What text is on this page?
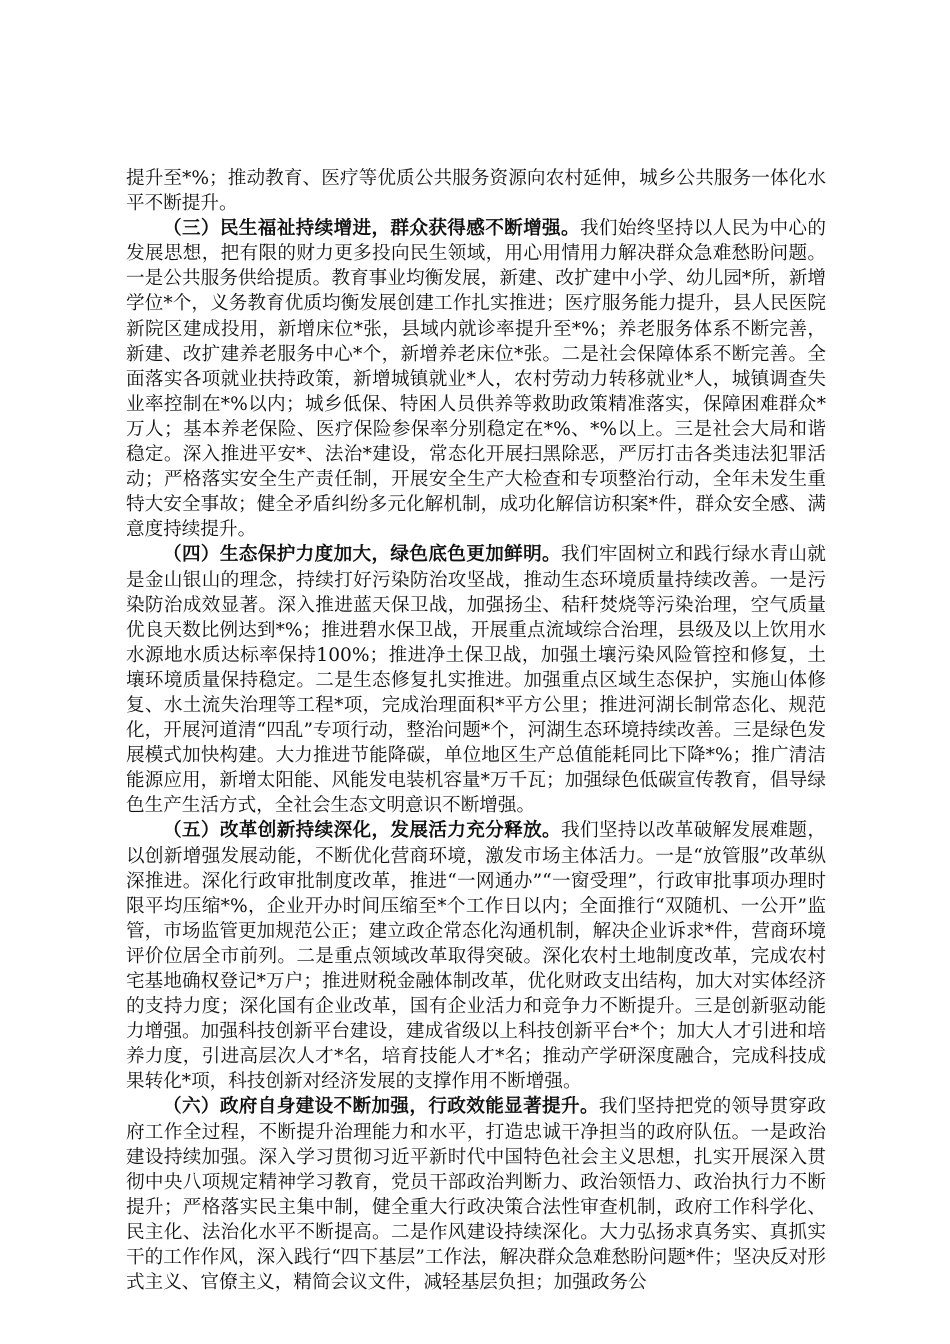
提升至*%；推动教育、医疗等优质公共服务资源向农村延伸，城乡公共服务一体化水平不断提升。

（三）民生福祉持续增进，群众获得感不断增强。我们始终坚持以人民为中心的发展思想，把有限的财力更多投向民生领域，用心用情用力解决群众急难愁盼问题。一是公共服务供给提质。教育事业均衡发展，新建、改扩建中小学、幼儿园*所，新增学位*个，义务教育优质均衡发展创建工作扎实推进；医疗服务能力提升，县人民医院新院区建成投用，新增床位*张，县域内就诊率提升至*%；养老服务体系不断完善，新建、改扩建养老服务中心*个，新增养老床位*张。二是社会保障体系不断完善。全面落实各项就业扶持政策，新增城镇就业*人，农村劳动力转移就业*人，城镇调查失业率控制在*%以内；城乡低保、特困人员供养等救助政策精准落实，保障困难群众*万人；基本养老保险、医疗保险参保率分别稳定在*%、*%以上。三是社会大局和谐稳定。深入推进平安*、法治*建设，常态化开展扫黑除恶，严厉打击各类违法犯罪活动；严格落实安全生产责任制，开展安全生产大检查和专项整治行动，全年未发生重特大安全事故；健全矛盾纠纷多元化解机制，成功化解信访积案*件，群众安全感、满意度持续提升。

（四）生态保护力度加大，绿色底色更加鲜明。我们牢固树立和践行绿水青山就是金山银山的理念，持续打好污染防治攻坚战，推动生态环境质量持续改善。一是污染防治成效显著。深入推进蓝天保卫战，加强扬尘、秸秆焚烧等污染治理，空气质量优良天数比例达到*%；推进碧水保卫战，开展重点流域综合治理，县级及以上饮用水水源地水质达标率保持100%；推进净土保卫战，加强土壤污染风险管控和修复，土壤环境质量保持稳定。二是生态修复扎实推进。加强重点区域生态保护，实施山体修复、水土流失治理等工程*项，完成治理面积*平方公里；推进河湖长制常态化、规范化，开展河道清“四乱”专项行动，整治问题*个，河湖生态环境持续改善。三是绿色发展模式加快构建。大力推进节能降碳，单位地区生产总值能耗同比下降*%；推广清洁能源应用，新增太阳能、风能发电装机容量*万千瓦；加强绿色低碳宣传教育，倡导绿色生产生活方式，全社会生态文明意识不断增强。

（五）改革创新持续深化，发展活力充分释放。我们坚持以改革破解发展难题，以创新增强发展动能，不断优化营商环境，激发市场主体活力。一是“放管服”改革纵深推进。深化行政审批制度改革，推进“一网通办”“一窗受理”，行政审批事项办理时限平均压缩*%，企业开办时间压缩至*个工作日以内；全面推行“双随机、一公开”监管，市场监管更加规范公正；建立政企常态化沟通机制，解决企业诉求*件，营商环境评价位居全市前列。二是重点领域改革取得突破。深化农村土地制度改革，完成农村宅基地确权登记*万户；推进财税金融体制改革，优化财政支出结构，加大对实体经济的支持力度；深化国有企业改革，国有企业活力和竞争力不断提升。三是创新驱动能力增强。加强科技创新平台建设，建成省级以上科技创新平台*个；加大人才引进和培养力度，引进高层次人才*名，培育技能人才*名；推动产学研深度融合，完成科技成果转化*项，科技创新对经济发展的支撑作用不断增强。

（六）政府自身建设不断加强，行政效能显著提升。我们坚持把党的领导贯穿政府工作全过程，不断提升治理能力和水平，打造忠诚干净担当的政府队伍。一是政治建设持续加强。深入学习贯彻习近平新时代中国特色社会主义思想，扎实开展深入贯彻中央八项规定精神学习教育，党员干部政治判断力、政治领悟力、政治执行力不断提升；严格落实民主集中制，健全重大行政决策合法性审查机制，政府工作科学化、民主化、法治化水平不断提高。二是作风建设持续深化。大力弘扬求真务实、真抓实干的工作作风，深入践行“四下基层”工作法，解决群众急难愁盼问题*件；坚决反对形式主义、官僚主义，精简会议文件，减轻基层负担；加强政务公
